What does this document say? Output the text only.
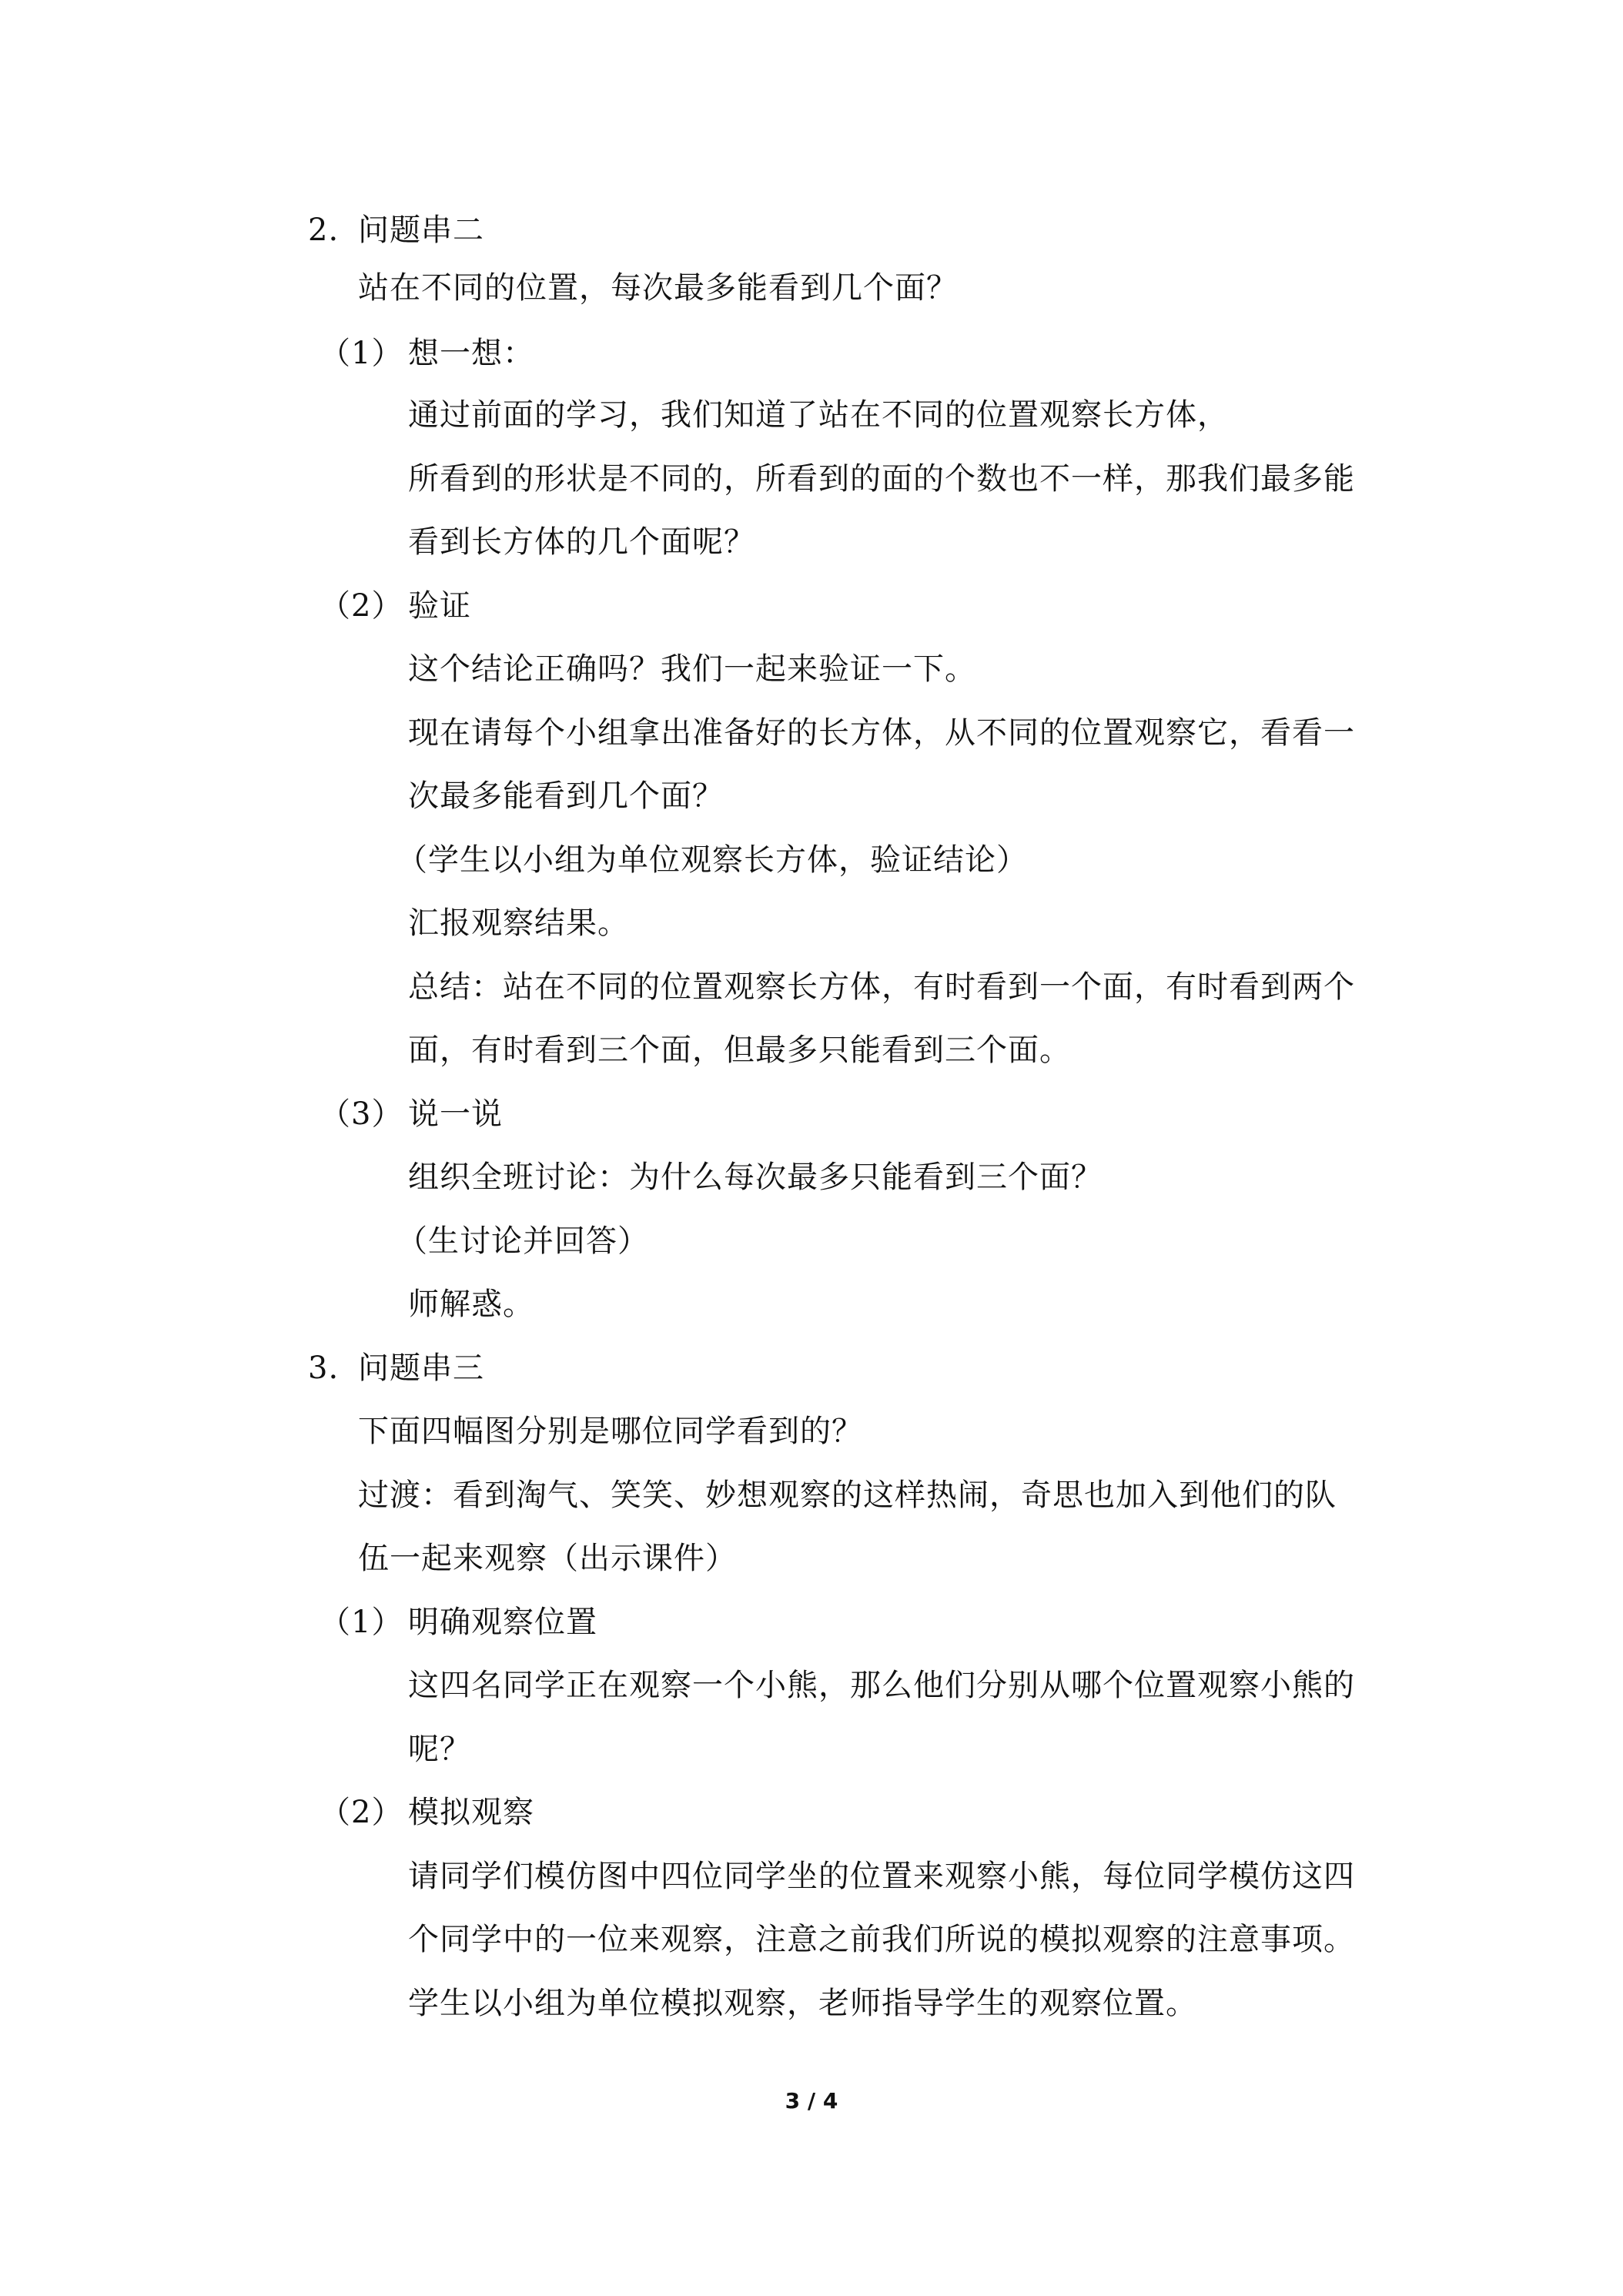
2. 问题串二
站在不同的位置，每次最多能看到几个面？
（1） 想一想：
通过前面的学习，我们知道了站在不同的位置观察长方体，
所看到的形状是不同的，所看到的面的个数也不一样，那我们最多能
看到长方体的几个面呢？
（2） 验证
这个结论正确吗？我们一起来验证一下。
现在请每个小组拿出准备好的长方体，从不同的位置观察它，看看一
次最多能看到几个面？
（学生以小组为单位观察长方体，验证结论）
汇报观察结果。
总结：站在不同的位置观察长方体，有时看到一个面，有时看到两个
面，有时看到三个面，但最多只能看到三个面。
（3） 说一说
组织全班讨论：为什么每次最多只能看到三个面？
（生讨论并回答）
师解惑。
3. 问题串三
下面四幅图分别是哪位同学看到的？
过渡：看到淘气、笑笑、妙想观察的这样热闹，奇思也加入到他们的队
伍一起来观察（出示课件）
（1） 明确观察位置
这四名同学正在观察一个小熊，那么他们分别从哪个位置观察小熊的
呢？
（2） 模拟观察
请同学们模仿图中四位同学坐的位置来观察小熊，每位同学模仿这四
个同学中的一位来观察，注意之前我们所说的模拟观察的注意事项。
学生以小组为单位模拟观察，老师指导学生的观察位置。
3 / 4
